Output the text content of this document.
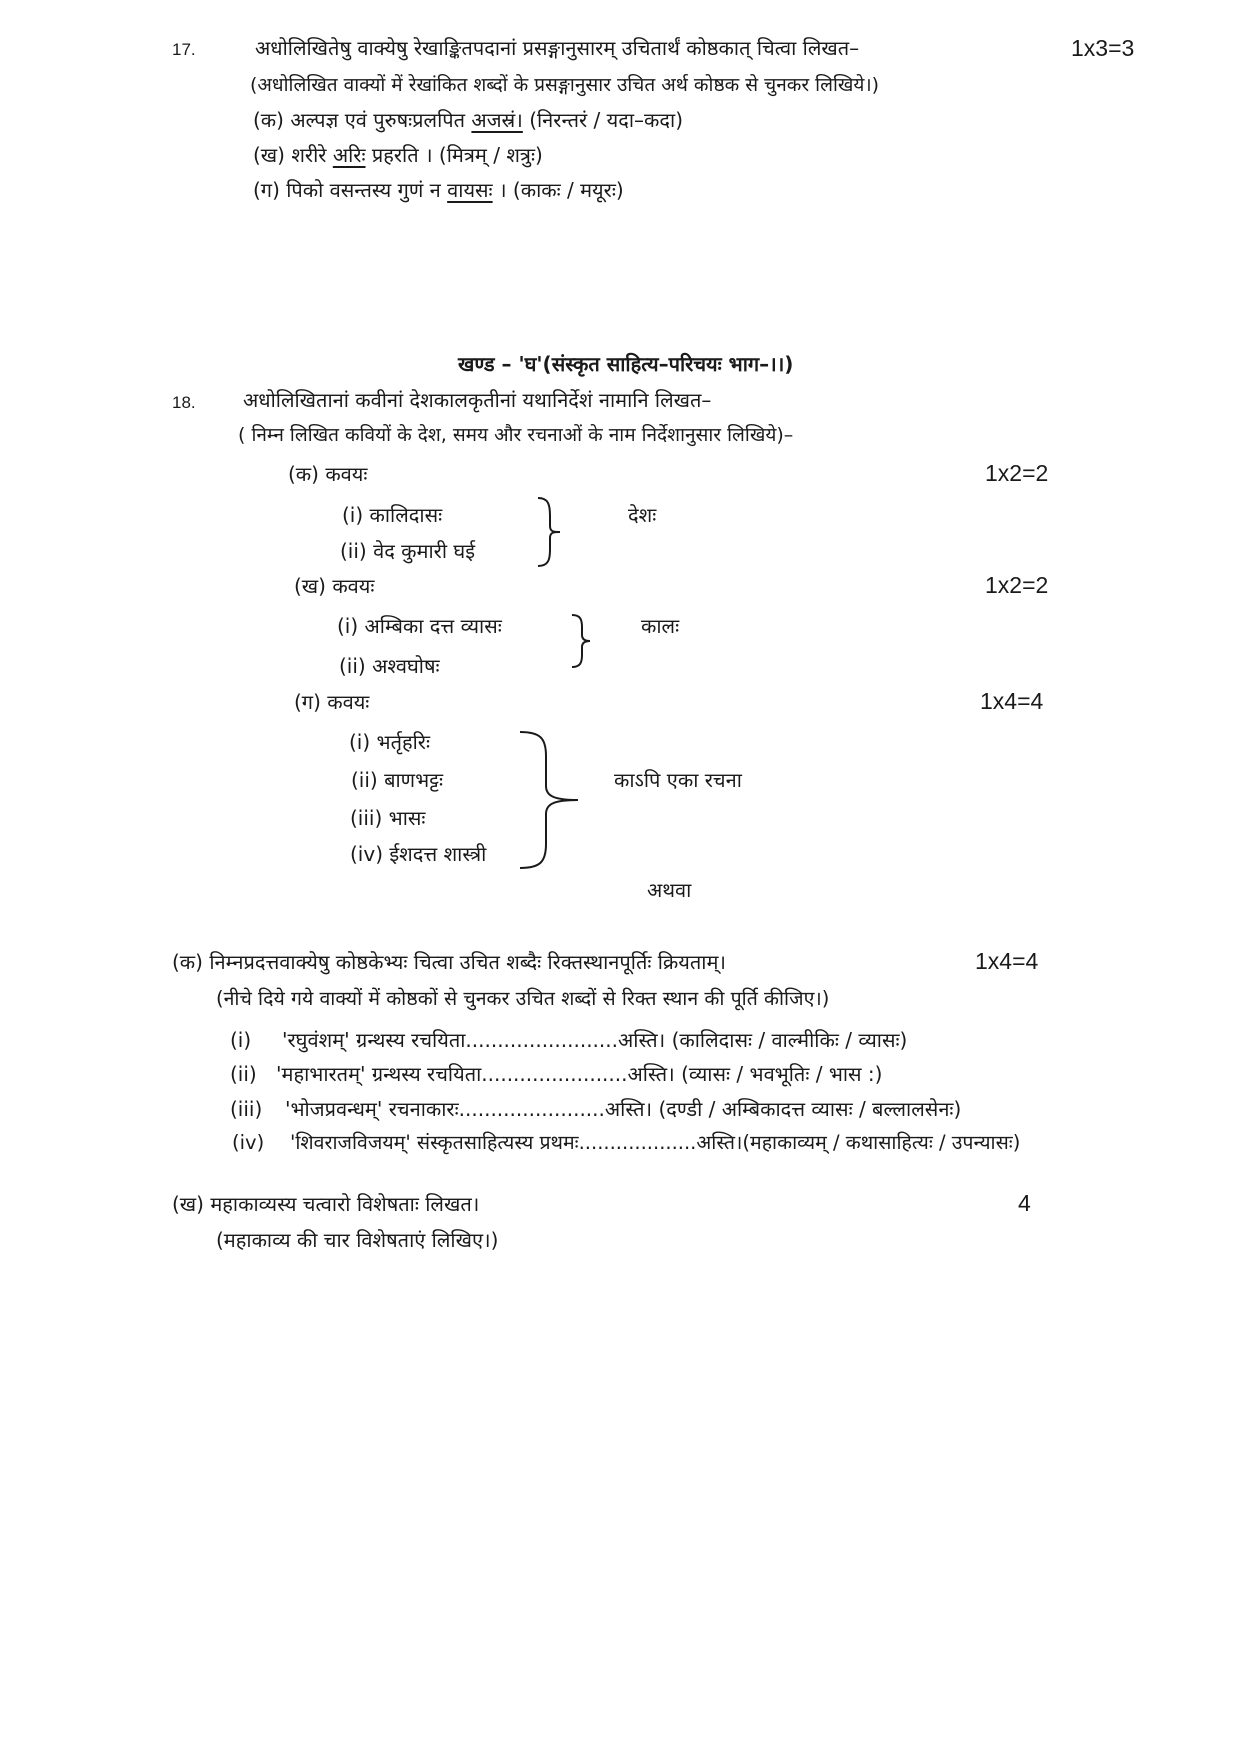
17.	अधोलिखितेषु वाक्येषु रेखाङ्कितपदानां प्रसङ्गानुसारम् उचितार्थं कोष्ठकात् चित्वा लिखत–	1x3=3
(अधोलिखित वाक्यों में रेखांकित शब्दों के प्रसङ्गानुसार उचित अर्थ कोष्ठक से चुनकर लिखिये।)
(क) अल्पज्ञ एवं पुरुषःप्रलपित अजस्रं। (निरन्तरं / यदा–कदा)
(ख) शरीरे अरिः प्रहरति । (मित्रम् / शत्रुः)
(ग) पिको वसन्तस्य गुणं न वायसः । (काकः / मयूरः)
खण्ड – 'घ'(संस्कृत साहित्य–परिचयः भाग–।।)
18. अधोलिखितानां कवीनां देशकालकृतीनां यथानिर्देशं नामानि लिखत–
( निम्न लिखित कवियों के देश, समय और रचनाओं के नाम निर्देशानुसार लिखिये)–
(क) कवयः	1x2=2
(i) कालिदासः
(ii) वेद कुमारी घई
देशः
(ख) कवयः	1x2=2
(i) अम्बिका दत्त व्यासः
(ii) अश्वघोषः
कालः
(ग) कवयः	1x4=4
(i) भर्तृहरिः
(ii) बाणभट्टः
(iii) भासः
(iv) ईशदत्त शास्त्री
काऽपि एका रचना
अथवा
(क) निम्नप्रदत्तवाक्येषु कोष्ठकेभ्यः चित्वा उचित शब्दैः रिक्तस्थानपूर्तिः क्रियताम्।	1x4=4
(नीचे दिये गये वाक्यों में कोष्ठकों से चुनकर उचित शब्दों से रिक्त स्थान की पूर्ति कीजिए।)
(i) 'रघुवंशम्' ग्रन्थस्य रचयिता........................अस्ति। (कालिदासः / वाल्मीकिः / व्यासः)
(ii) 'महाभारतम्' ग्रन्थस्य रचयिता.......................अस्ति। (व्यासः / भवभूतिः / भास :)
(iii) 'भोजप्रवन्धम्' रचनाकारः.......................अस्ति। (दण्डी / अम्बिकादत्त व्यासः / बल्लालसेनः)
(iv) 'शिवराजविजयम्' संस्कृतसाहित्यस्य प्रथमः...................अस्ति।(महाकाव्यम् / कथासाहित्यः / उपन्यासः)
(ख) महाकाव्यस्य चत्वारो विशेषताः लिखत।	4
(महाकाव्य की चार विशेषताएं लिखिए।)
